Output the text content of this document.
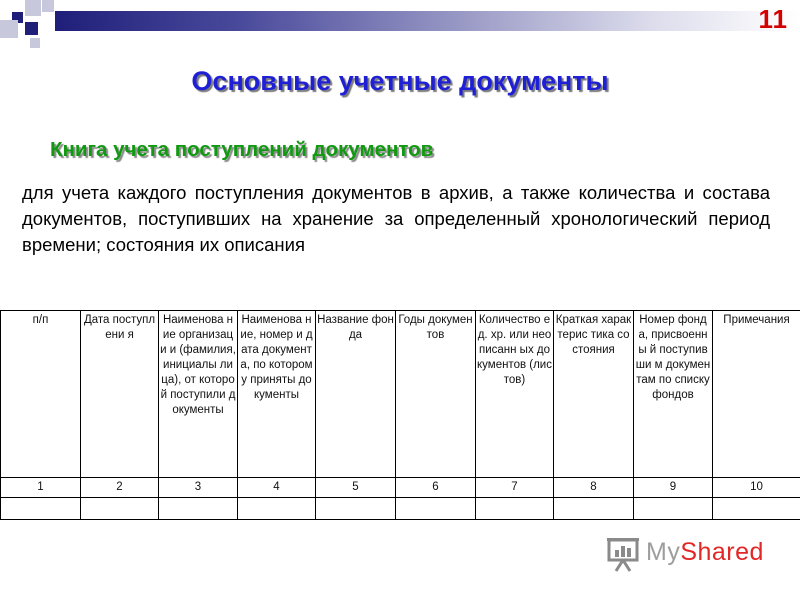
11
Основные учетные документы
Книга учета поступлений документов
для учета каждого поступления документов в архив, а также количества и состава документов, поступивших на хранение за определенный хронологический период времени; состояния их описания
п/п	Дата поступлени я	Наименова ние организаци и (фамилия, инициалы лица), от которой поступили документы	Наименова ние, номер и дата документа, по которому приняты документы	Название фонда	Годы документов	Количество ед. хр. или неописанн ых документов (листов)	Краткая характерис тика состояния	Номер фонда, присвоенны й поступивши м документам по списку фондов	Примечания
1	2	3	4	5	6	7	8	9	10

MyShared
